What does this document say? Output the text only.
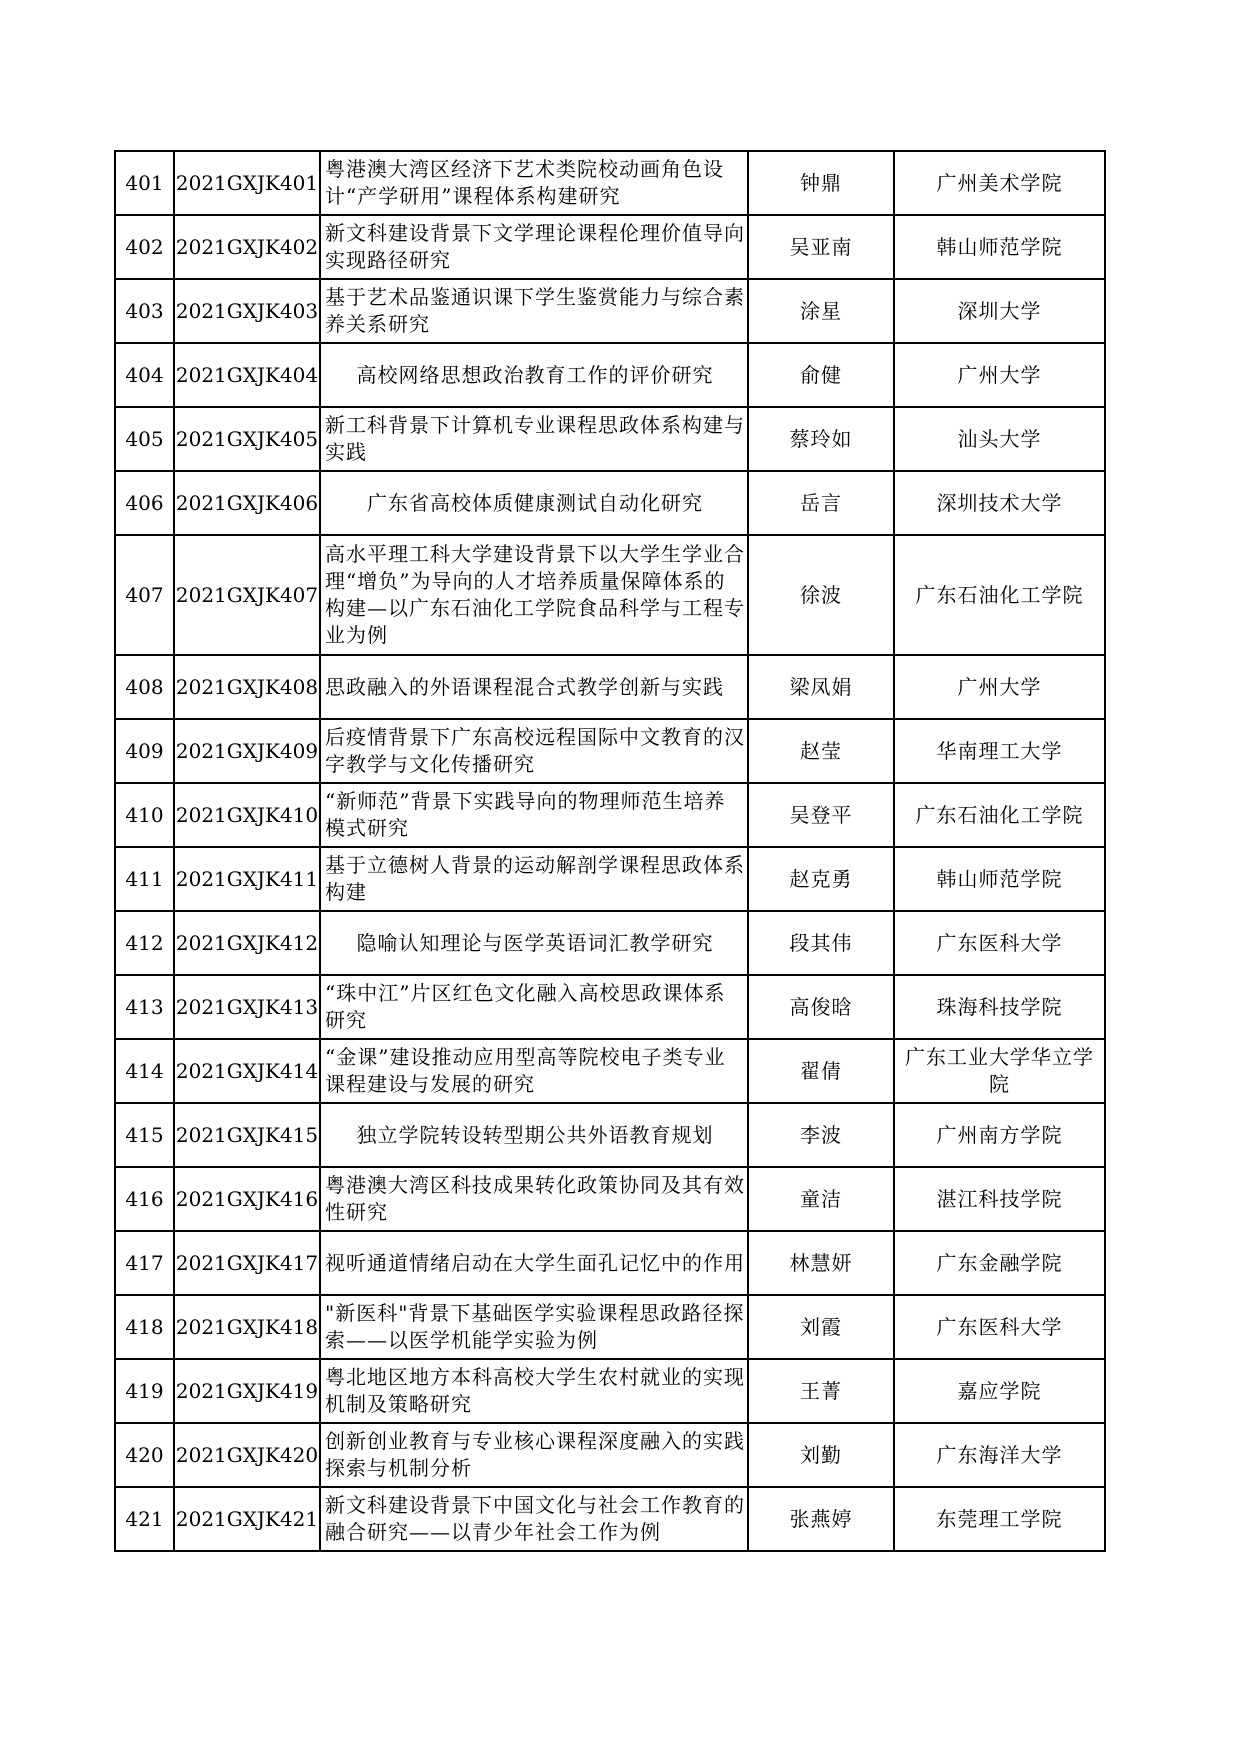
401	2021GXJK401	粤港澳大湾区经济下艺术类院校动画角色设计“产学研用”课程体系构建研究	钟鼎	广州美术学院
402	2021GXJK402	新文科建设背景下文学理论课程伦理价值导向实现路径研究	吴亚南	韩山师范学院
403	2021GXJK403	基于艺术品鉴通识课下学生鉴赏能力与综合素养关系研究	涂星	深圳大学
404	2021GXJK404	高校网络思想政治教育工作的评价研究	俞健	广州大学
405	2021GXJK405	新工科背景下计算机专业课程思政体系构建与实践	蔡玲如	汕头大学
406	2021GXJK406	广东省高校体质健康测试自动化研究	岳言	深圳技术大学
407	2021GXJK407	高水平理工科大学建设背景下以大学生学业合理“增负”为导向的人才培养质量保障体系的构建—以广东石油化工学院食品科学与工程专业为例	徐波	广东石油化工学院
408	2021GXJK408	思政融入的外语课程混合式教学创新与实践	梁凤娟	广州大学
409	2021GXJK409	后疫情背景下广东高校远程国际中文教育的汉字教学与文化传播研究	赵莹	华南理工大学
410	2021GXJK410	“新师范”背景下实践导向的物理师范生培养模式研究	吴登平	广东石油化工学院
411	2021GXJK411	基于立德树人背景的运动解剖学课程思政体系构建	赵克勇	韩山师范学院
412	2021GXJK412	隐喻认知理论与医学英语词汇教学研究	段其伟	广东医科大学
413	2021GXJK413	“珠中江”片区红色文化融入高校思政课体系研究	高俊晗	珠海科技学院
414	2021GXJK414	“金课”建设推动应用型高等院校电子类专业课程建设与发展的研究	翟倩	广东工业大学华立学院
415	2021GXJK415	独立学院转设转型期公共外语教育规划	李波	广州南方学院
416	2021GXJK416	粤港澳大湾区科技成果转化政策协同及其有效性研究	童洁	湛江科技学院
417	2021GXJK417	视听通道情绪启动在大学生面孔记忆中的作用	林慧妍	广东金融学院
418	2021GXJK418	"新医科"背景下基础医学实验课程思政路径探索——以医学机能学实验为例	刘霞	广东医科大学
419	2021GXJK419	粤北地区地方本科高校大学生农村就业的实现机制及策略研究	王菁	嘉应学院
420	2021GXJK420	创新创业教育与专业核心课程深度融入的实践探索与机制分析	刘勤	广东海洋大学
421	2021GXJK421	新文科建设背景下中国文化与社会工作教育的融合研究——以青少年社会工作为例	张燕婷	东莞理工学院
